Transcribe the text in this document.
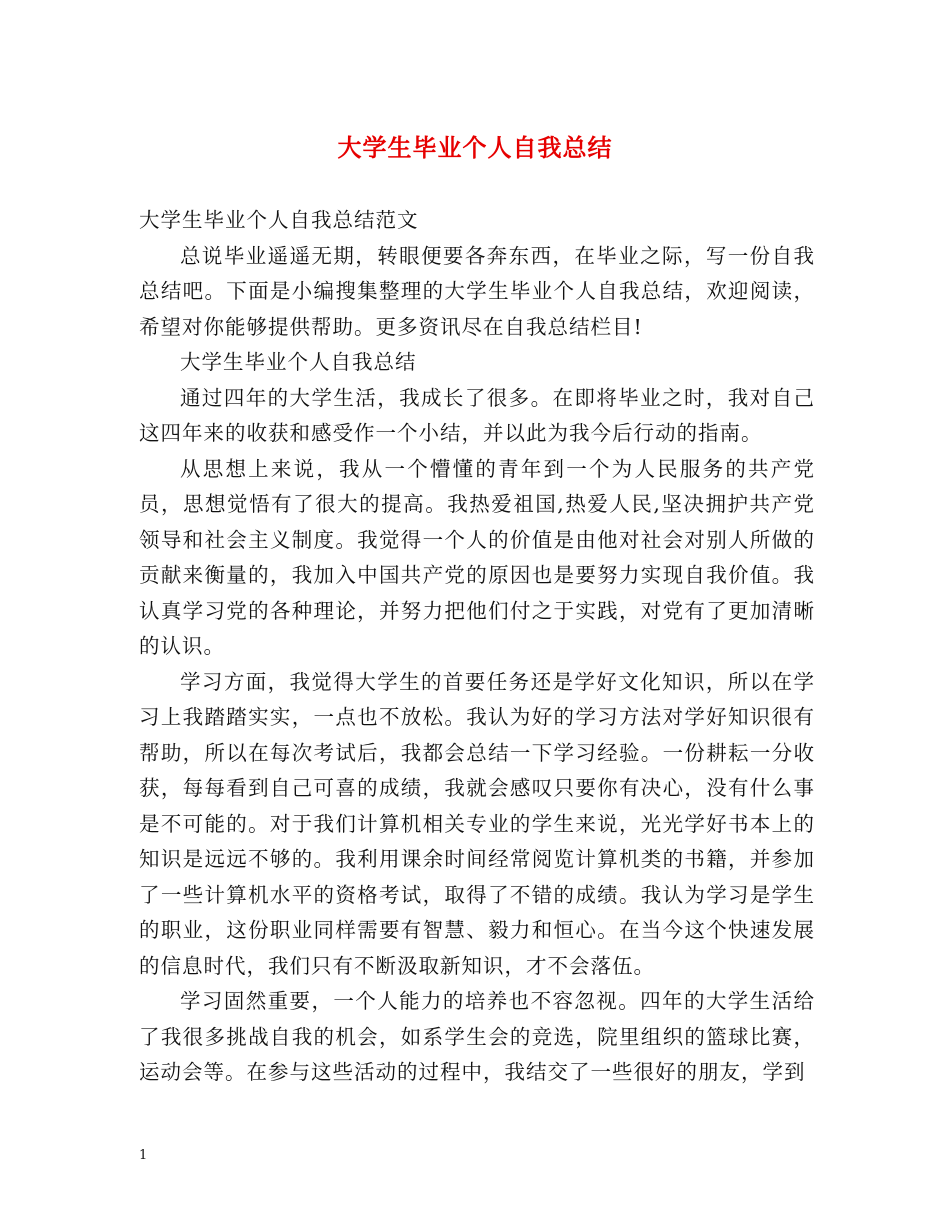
大学生毕业个人自我总结

大学生毕业个人自我总结范文

总说毕业遥遥无期，转眼便要各奔东西，在毕业之际，写一份自我总结吧。下面是小编搜集整理的大学生毕业个人自我总结，欢迎阅读，希望对你能够提供帮助。更多资讯尽在自我总结栏目!

大学生毕业个人自我总结

通过四年的大学生活，我成长了很多。在即将毕业之时，我对自己这四年来的收获和感受作一个小结，并以此为我今后行动的指南。

从思想上来说，我从一个懵懂的青年到一个为人民服务的共产党员，思想觉悟有了很大的提高。我热爱祖国,热爱人民,坚决拥护共产党领导和社会主义制度。我觉得一个人的价值是由他对社会对别人所做的贡献来衡量的，我加入中国共产党的原因也是要努力实现自我价值。我认真学习党的各种理论，并努力把他们付之于实践，对党有了更加清晰的认识。

学习方面，我觉得大学生的首要任务还是学好文化知识，所以在学习上我踏踏实实，一点也不放松。我认为好的学习方法对学好知识很有帮助，所以在每次考试后，我都会总结一下学习经验。一份耕耘一分收获，每每看到自己可喜的成绩，我就会感叹只要你有决心，没有什么事是不可能的。对于我们计算机相关专业的学生来说，光光学好书本上的知识是远远不够的。我利用课余时间经常阅览计算机类的书籍，并参加了一些计算机水平的资格考试，取得了不错的成绩。我认为学习是学生的职业，这份职业同样需要有智慧、毅力和恒心。在当今这个快速发展的信息时代，我们只有不断汲取新知识，才不会落伍。

学习固然重要，一个人能力的培养也不容忽视。四年的大学生活给了我很多挑战自我的机会，如系学生会的竞选，院里组织的篮球比赛，运动会等。在参与这些活动的过程中，我结交了一些很好的朋友，学到

1
